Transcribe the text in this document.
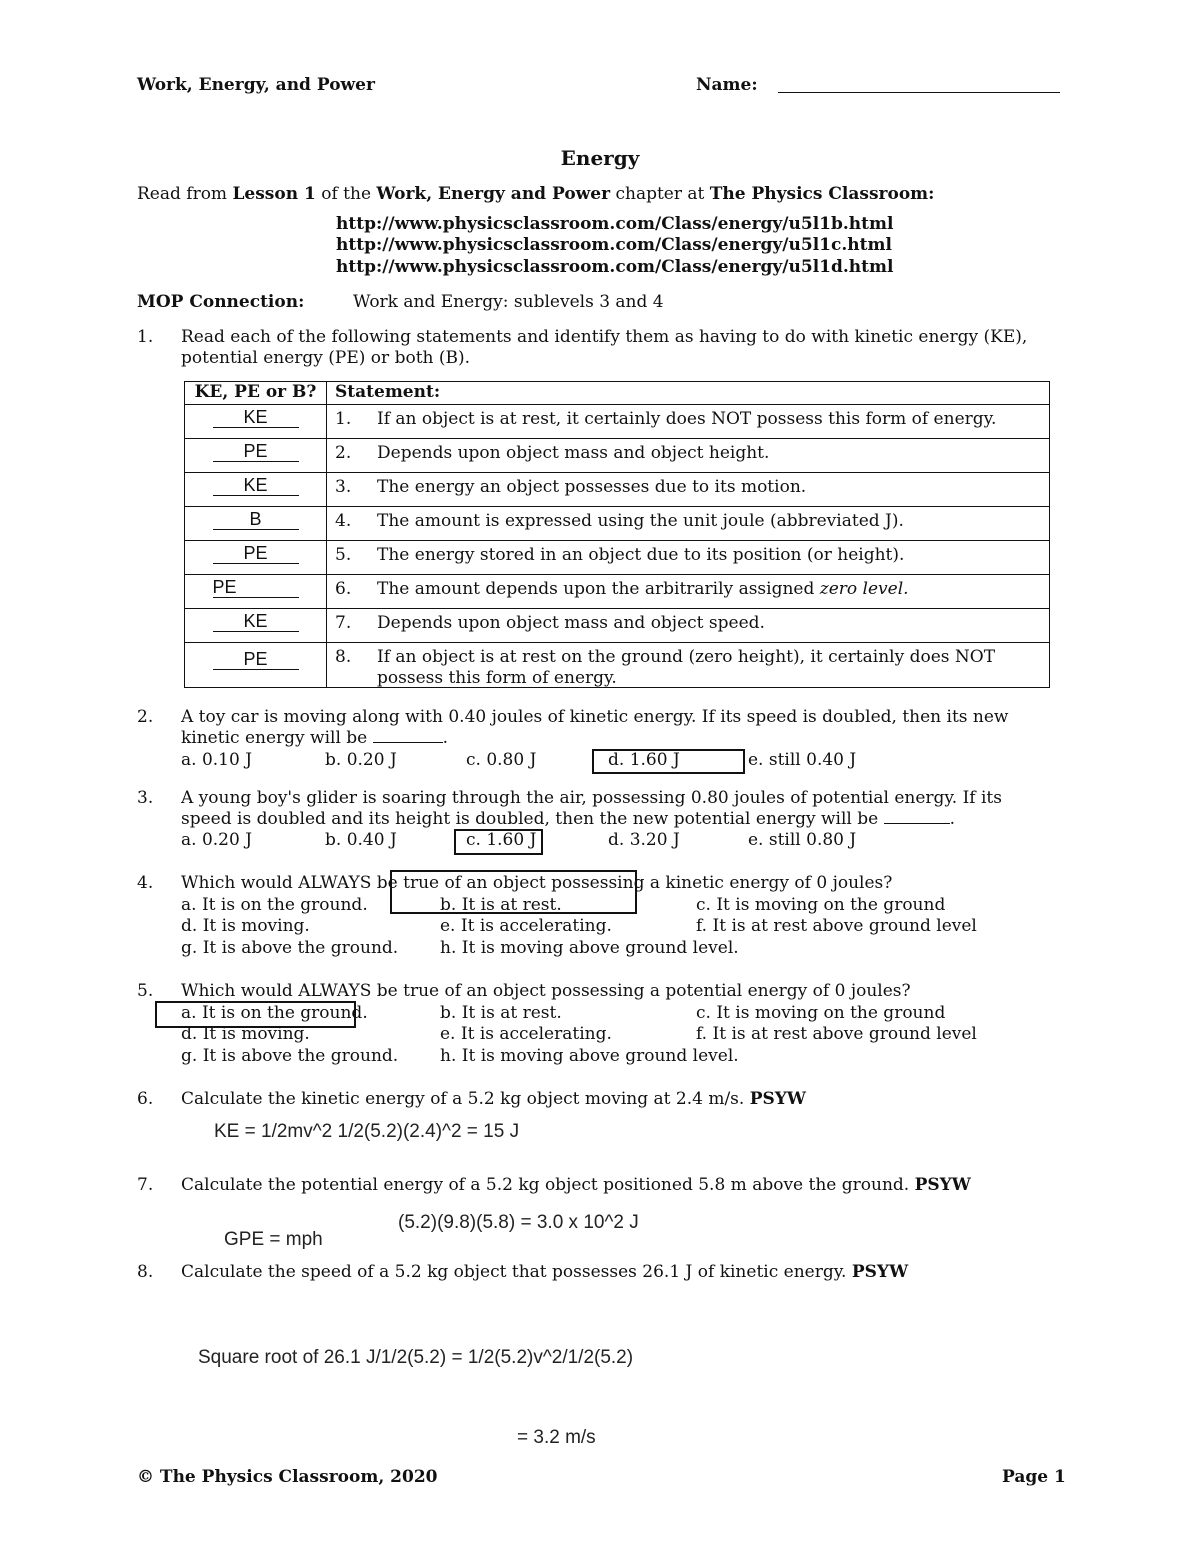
Work, Energy, and Power	Name:
Energy
Read from Lesson 1 of the Work, Energy and Power chapter at The Physics Classroom:
http://www.physicsclassroom.com/Class/energy/u5l1b.html
http://www.physicsclassroom.com/Class/energy/u5l1c.html
http://www.physicsclassroom.com/Class/energy/u5l1d.html
MOP Connection:	Work and Energy: sublevels 3 and 4
1. Read each of the following statements and identify them as having to do with kinetic energy (KE),
potential energy (PE) or both (B).
KE, PE or B?	Statement:
KE	1. If an object is at rest, it certainly does NOT possess this form of energy.

PE	2. Depends upon object mass and object height.

KE	3. The energy an object possesses due to its motion.

B	4. The amount is expressed using the unit joule (abbreviated J).

PE	5. The energy stored in an object due to its position (or height).

PE	6. The amount depends upon the arbitrarily assigned zero level.

KE	7. Depends upon object mass and object speed.

PE	8. If an object is at rest on the ground (zero height), it certainly does NOT possess this form of energy.
2. A toy car is moving along with 0.40 joules of kinetic energy. If its speed is doubled, then its new
kinetic energy will be	.
a. 0.10 J	b. 0.20 J	c. 0.80 J	d. 1.60 J	e. still 0.40 J
3. A young boy's glider is soaring through the air, possessing 0.80 joules of potential energy. If its
speed is doubled and its height is doubled, then the new potential energy will be	.
a. 0.20 J	b. 0.40 J	c. 1.60 J	d. 3.20 J	e. still 0.80 J
4. Which would ALWAYS be true of an object possessing a kinetic energy of 0 joules?
a. It is on the ground.	b. It is at rest.	c. It is moving on the ground
d. It is moving.	e. It is accelerating.	f. It is at rest above ground level
g. It is above the ground. h. It is moving above ground level.
5. Which would ALWAYS be true of an object possessing a potential energy of 0 joules?
a. It is on the ground.	b. It is at rest.	c. It is moving on the ground
d. It is moving.	e. It is accelerating.	f. It is at rest above ground level
g. It is above the ground. h. It is moving above ground level.
6. Calculate the kinetic energy of a 5.2 kg object moving at 2.4 m/s. PSYW
KE = 1/2mv^2 1/2(5.2)(2.4)^2 = 15 J
7. Calculate the potential energy of a 5.2 kg object positioned 5.8 m above the ground. PSYW
(5.2)(9.8)(5.8) = 3.0 x 10^2 J
GPE = mph
8. Calculate the speed of a 5.2 kg object that possesses 26.1 J of kinetic energy. PSYW
Square root of 26.1 J/1/2(5.2) = 1/2(5.2)v^2/1/2(5.2)
= 3.2 m/s
© The Physics Classroom, 2020	Page 1
